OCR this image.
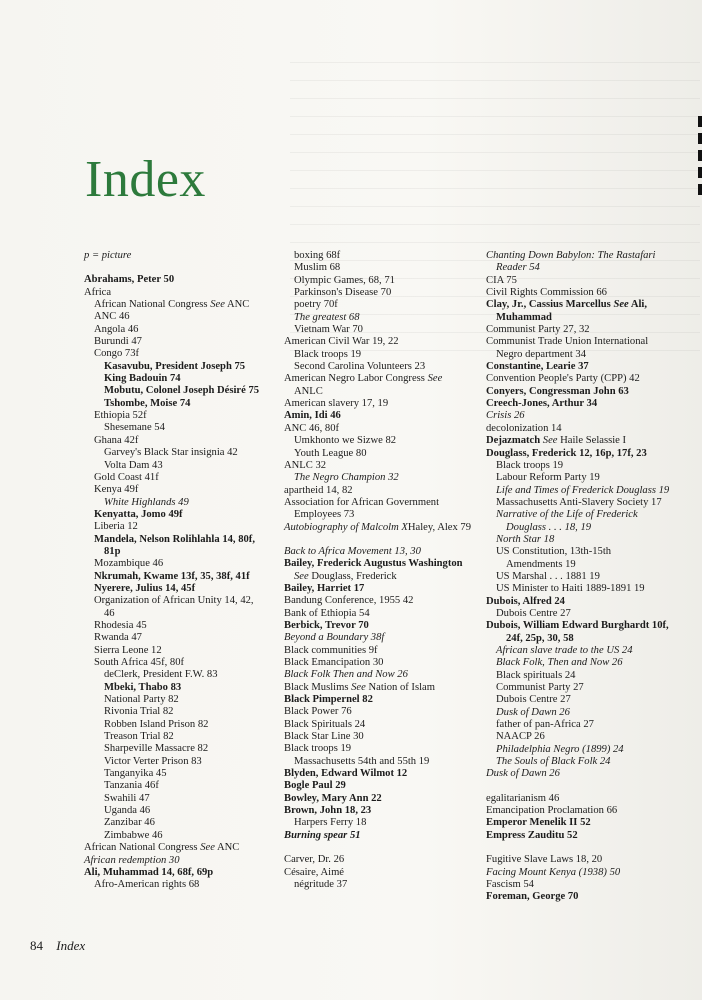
Index
p = picture
Abrahams, Peter 50
Africa
African National Congress See ANC
ANC 46
Angola 46
Burundi 47
Congo 73f
Kasavubu, President Joseph 75
King Badouin 74
Mobutu, Colonel Joseph Désiré 75
Tshombe, Moise 74
Ethiopia 52f
Shesemane 54
Ghana 42f
Garvey's Black Star insignia 42
Volta Dam 43
Gold Coast 41f
Kenya 49f
White Highlands 49
Kenyatta, Jomo 49f
Liberia 12
Mandela, Nelson Rolihlahla 14, 80f,
81p
Mozambique 46
Nkrumah, Kwame 13f, 35, 38f, 41f
Nyerere, Julius 14, 45f
Organization of African Unity 14, 42,
46
Rhodesia 45
Rwanda 47
Sierra Leone 12
South Africa 45f, 80f
deClerk, President F.W. 83
Mbeki, Thabo 83
National Party 82
Rivonia Trial 82
Robben Island Prison 82
Treason Trial 82
Sharpeville Massacre 82
Victor Verter Prison 83
Tanganyika 45
Tanzania 46f
Swahili 47
Uganda 46
Zanzibar 46
Zimbabwe 46
African National Congress See ANC
African redemption 30
Ali, Muhammad 14, 68f, 69p
Afro-American rights 68
boxing 68f
Muslim 68
Olympic Games, 68, 71
Parkinson's Disease 70
poetry 70f
The greatest 68
Vietnam War 70
American Civil War 19, 22
Black troops 19
Second Carolina Volunteers 23
American Negro Labor Congress See
ANLC
American slavery 17, 19
Amin, Idi 46
ANC 46, 80f
Umkhonto we Sizwe 82
Youth League 80
ANLC 32
The Negro Champion 32
apartheid 14, 82
Association for African Government
Employees 73
Autobiography of Malcolm XHaley, Alex 79
Back to Africa Movement 13, 30
Bailey, Frederick Augustus Washington
See Douglass, Frederick
Bailey, Harriet 17
Bandung Conference, 1955 42
Bank of Ethiopia 54
Berbick, Trevor 70
Beyond a Boundary 38f
Black communities 9f
Black Emancipation 30
Black Folk Then and Now 26
Black Muslims See Nation of Islam
Black Pimpernel 82
Black Power 76
Black Spirituals 24
Black Star Line 30
Black troops 19
Massachusetts 54th and 55th 19
Blyden, Edward Wilmot 12
Bogle Paul 29
Bowley, Mary Ann 22
Brown, John 18, 23
Harpers Ferry 18
Burning spear 51
Carver, Dr. 26
Césaire, Aimé
négritude 37
Chanting Down Babylon: The Rastafari
Reader 54
CIA 75
Civil Rights Commission 66
Clay, Jr., Cassius Marcellus See Ali,
Muhammad
Communist Party 27, 32
Communist Trade Union International
Negro department 34
Constantine, Learie 37
Convention People's Party (CPP) 42
Conyers, Congressman John 63
Creech-Jones, Arthur 34
Crisis 26
decolonization 14
Dejazmatch See Haile Selassie I
Douglass, Frederick 12, 16p, 17f, 23
Black troops 19
Labour Reform Party 19
Life and Times of Frederick Douglass 19
Massachusetts Anti-Slavery Society 17
Narrative of the Life of Frederick
Douglass . . . 18, 19
North Star 18
US Constitution, 13th-15th
Amendments 19
US Marshal . . . 1881 19
US Minister to Haiti 1889-1891 19
Dubois, Alfred 24
Dubois Centre 27
Dubois, William Edward Burghardt 10f,
24f, 25p, 30, 58
African slave trade to the US 24
Black Folk, Then and Now 26
Black spirituals 24
Communist Party 27
Dubois Centre 27
Dusk of Dawn 26
father of pan-Africa 27
NAACP 26
Philadelphia Negro (1899) 24
The Souls of Black Folk 24
Dusk of Dawn 26
egalitarianism 46
Emancipation Proclamation 66
Emperor Menelik II 52
Empress Zauditu 52
Fugitive Slave Laws 18, 20
Facing Mount Kenya (1938) 50
Fascism 54
Foreman, George 70
84 Index
